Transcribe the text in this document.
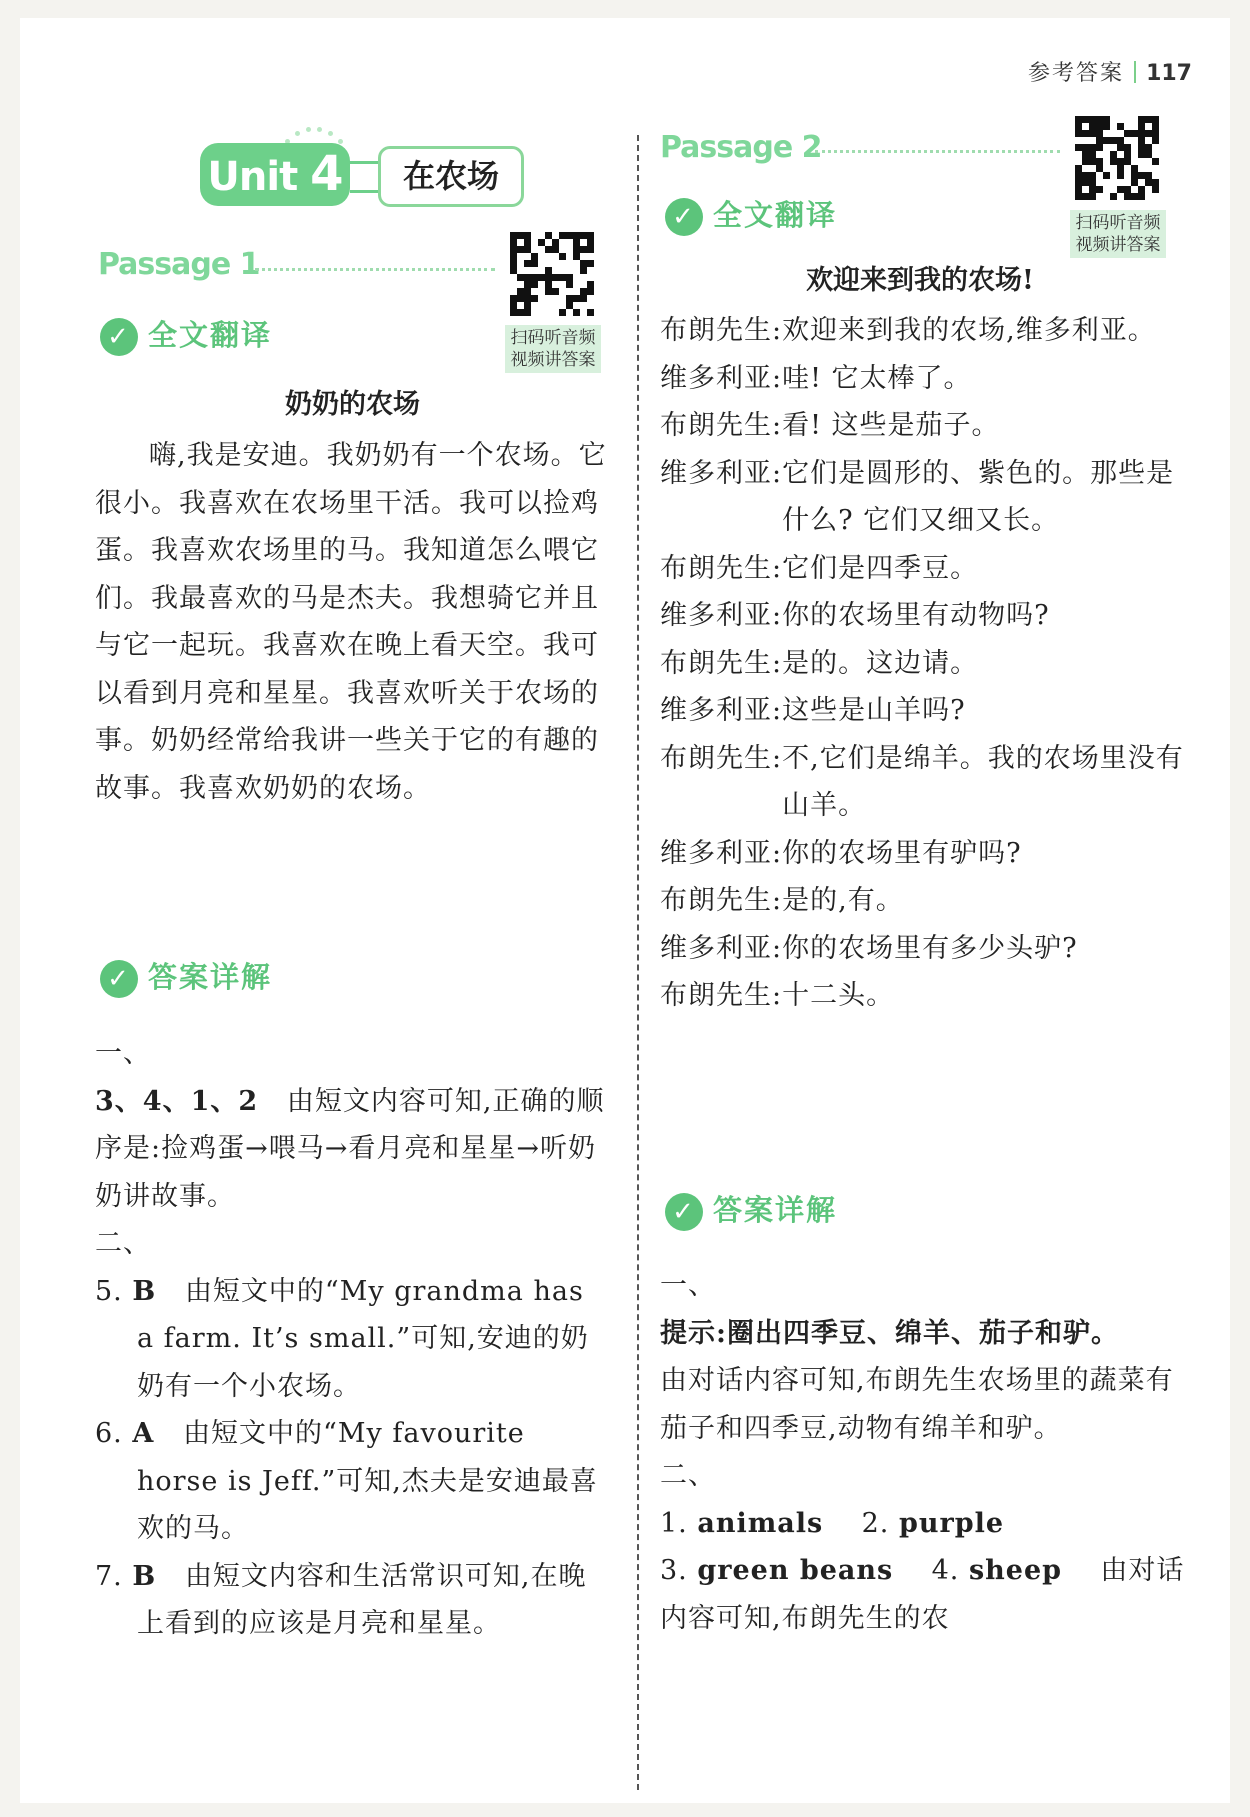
参考答案 117
Unit 4	在农场
Passage 1
扫码听音频
视频讲答案
✓ 全文翻译
奶奶的农场
嗨,我是安迪。我奶奶有一个农场。它很小。我喜欢在农场里干活。我可以捡鸡蛋。我喜欢农场里的马。我知道怎么喂它们。我最喜欢的马是杰夫。我想骑它并且与它一起玩。我喜欢在晚上看天空。我可以看到月亮和星星。我喜欢听关于农场的事。奶奶经常给我讲一些关于它的有趣的故事。我喜欢奶奶的农场。
✓ 答案详解
一、
3、4、1、2 由短文内容可知,正确的顺序是:捡鸡蛋→喂马→看月亮和星星→听奶奶讲故事。
二、
5. B 由短文中的“My grandma has a farm. It’s small.”可知,安迪的奶奶有一个小农场。
6. A 由短文中的“My favourite horse is Jeff.”可知,杰夫是安迪最喜欢的马。
7. B 由短文内容和生活常识可知,在晚上看到的应该是月亮和星星。
Passage 2
扫码听音频
视频讲答案
✓ 全文翻译
欢迎来到我的农场!
布朗先生: 欢迎来到我的农场,维多利亚。
维多利亚: 哇! 它太棒了。
布朗先生: 看! 这些是茄子。
维多利亚: 它们是圆形的、紫色的。那些是什么? 它们又细又长。
布朗先生: 它们是四季豆。
维多利亚: 你的农场里有动物吗?
布朗先生: 是的。这边请。
维多利亚: 这些是山羊吗?
布朗先生: 不,它们是绵羊。我的农场里没有山羊。
维多利亚: 你的农场里有驴吗?
布朗先生: 是的,有。
维多利亚: 你的农场里有多少头驴?
布朗先生: 十二头。
✓ 答案详解
一、
提示:圈出四季豆、绵羊、茄子和驴。
由对话内容可知,布朗先生农场里的蔬菜有茄子和四季豆,动物有绵羊和驴。
二、
1. animals 2. purple
3. green beans 4. sheep 由对话内容可知,布朗先生的农
